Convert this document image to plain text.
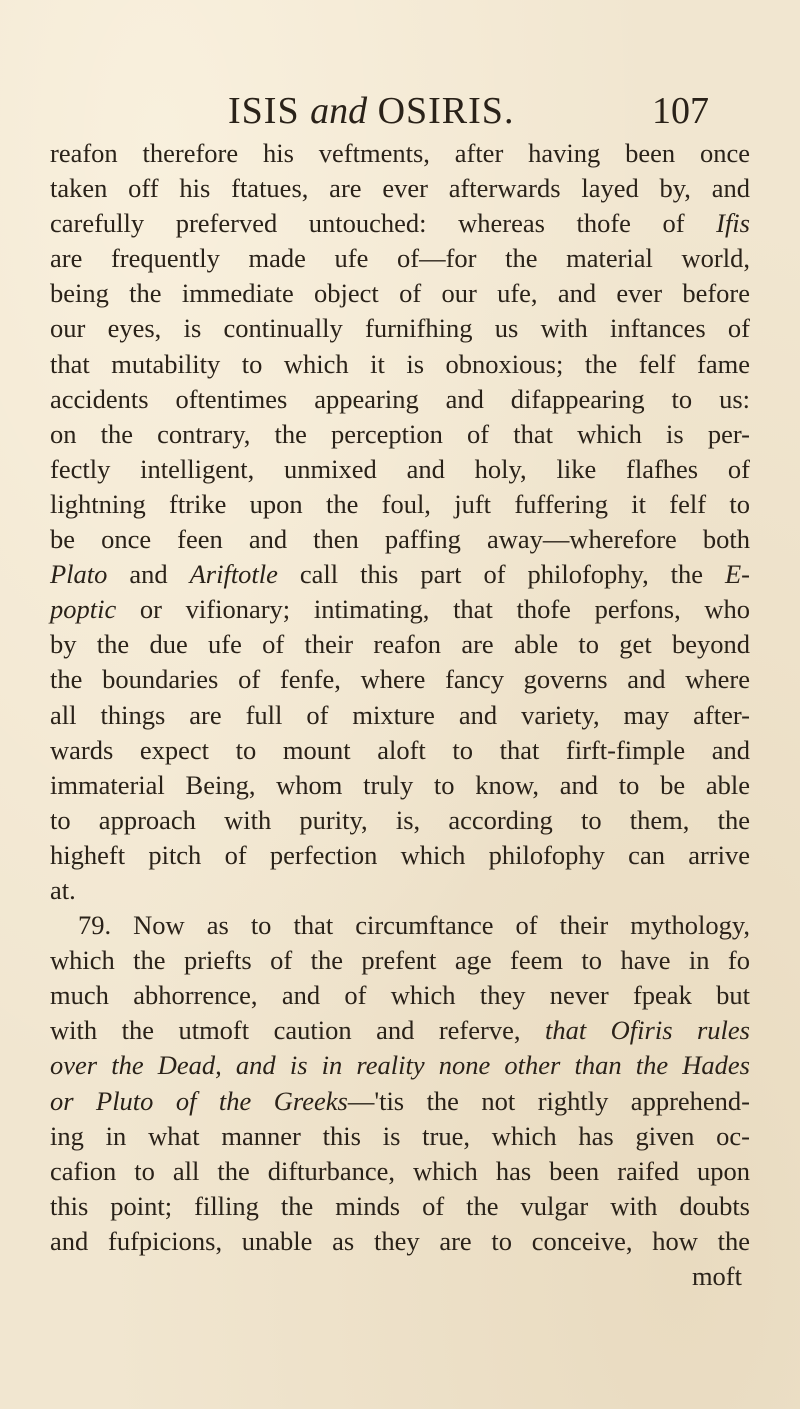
ISIS and OSIRIS.	107
reafon therefore his veftments, after having been once
taken off his ftatues, are ever afterwards layed by, and
carefully preferved untouched: whereas thofe of Ifis
are frequently made ufe of—for the material world,
being the immediate object of our ufe, and ever before
our eyes, is continually furnifhing us with inftances of
that mutability to which it is obnoxious; the felf fame
accidents oftentimes appearing and difappearing to us:
on the contrary, the perception of that which is per-
fectly intelligent, unmixed and holy, like flafhes of
lightning ftrike upon the foul, juft fuffering it felf to
be once feen and then paffing away—wherefore both
Plato and Ariftotle call this part of philofophy, the E-
poptic or vifionary; intimating, that thofe perfons, who
by the due ufe of their reafon are able to get beyond
the boundaries of fenfe, where fancy governs and where
all things are full of mixture and variety, may after-
wards expect to mount aloft to that firft-fimple and
immaterial Being, whom truly to know, and to be able
to approach with purity, is, according to them, the
higheft pitch of perfection which philofophy can arrive
at.
79. Now as to that circumftance of their mythology,
which the priefts of the prefent age feem to have in fo
much abhorrence, and of which they never fpeak but
with the utmoft caution and referve, that Ofiris rules
over the Dead, and is in reality none other than the Hades
or Pluto of the Greeks—'tis the not rightly apprehend-
ing in what manner this is true, which has given oc-
cafion to all the difturbance, which has been raifed upon
this point; filling the minds of the vulgar with doubts
and fufpicions, unable as they are to conceive, how the
moft
